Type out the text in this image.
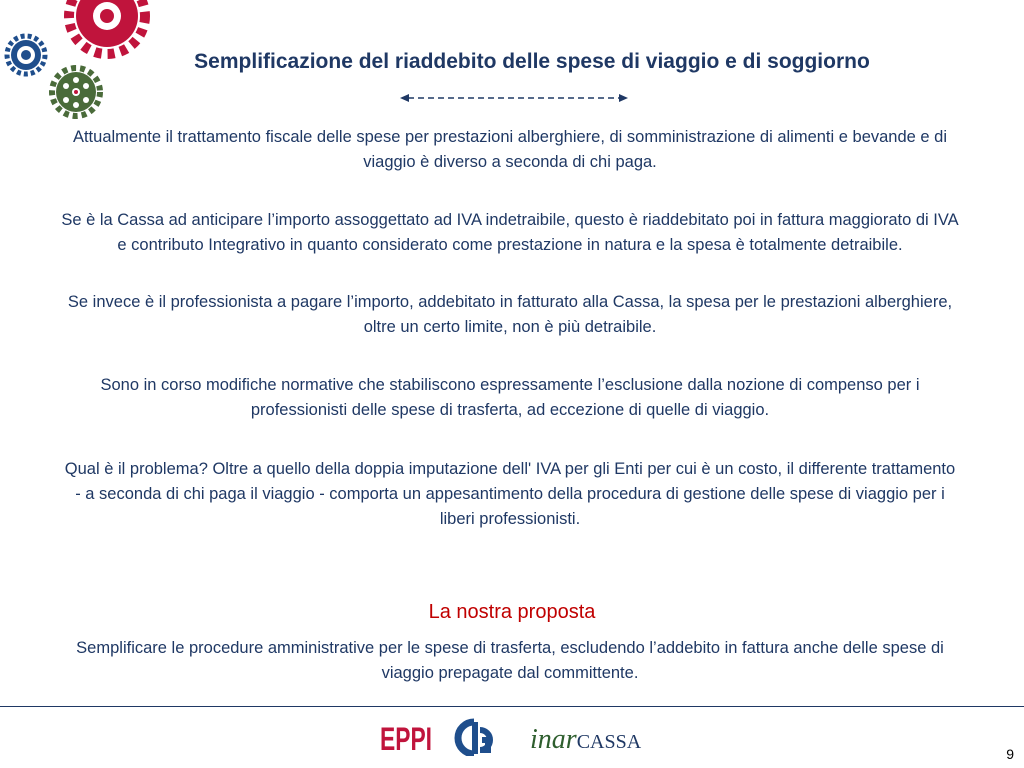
Semplificazione del riaddebito delle spese di viaggio e di soggiorno
Attualmente il trattamento fiscale delle spese per prestazioni alberghiere, di somministrazione di alimenti e bevande e di viaggio è diverso a seconda di chi paga.
Se è la Cassa ad anticipare l’importo assoggettato ad IVA indetraibile, questo è riaddebitato poi in fattura maggiorato di IVA e contributo Integrativo in quanto considerato come prestazione in natura e la spesa è totalmente detraibile.
Se invece è il professionista a pagare l’importo, addebitato in fatturato alla Cassa, la spesa per le prestazioni alberghiere, oltre un certo limite, non è più detraibile.
Sono in corso modifiche normative che stabiliscono espressamente l’esclusione dalla nozione di compenso per i professionisti delle spese di trasferta, ad eccezione di quelle di viaggio.
Qual è il problema? Oltre a quello della doppia imputazione dell' IVA per gli Enti per cui è un costo, il differente trattamento - a seconda di chi paga il viaggio - comporta un appesantimento della procedura di gestione delle spese di viaggio per i liberi professionisti.
La nostra proposta
Semplificare le procedure amministrative per le spese di trasferta, escludendo l’addebito in fattura anche delle spese di viaggio prepagate dal committente.
EPPI	inarCASSA
9
